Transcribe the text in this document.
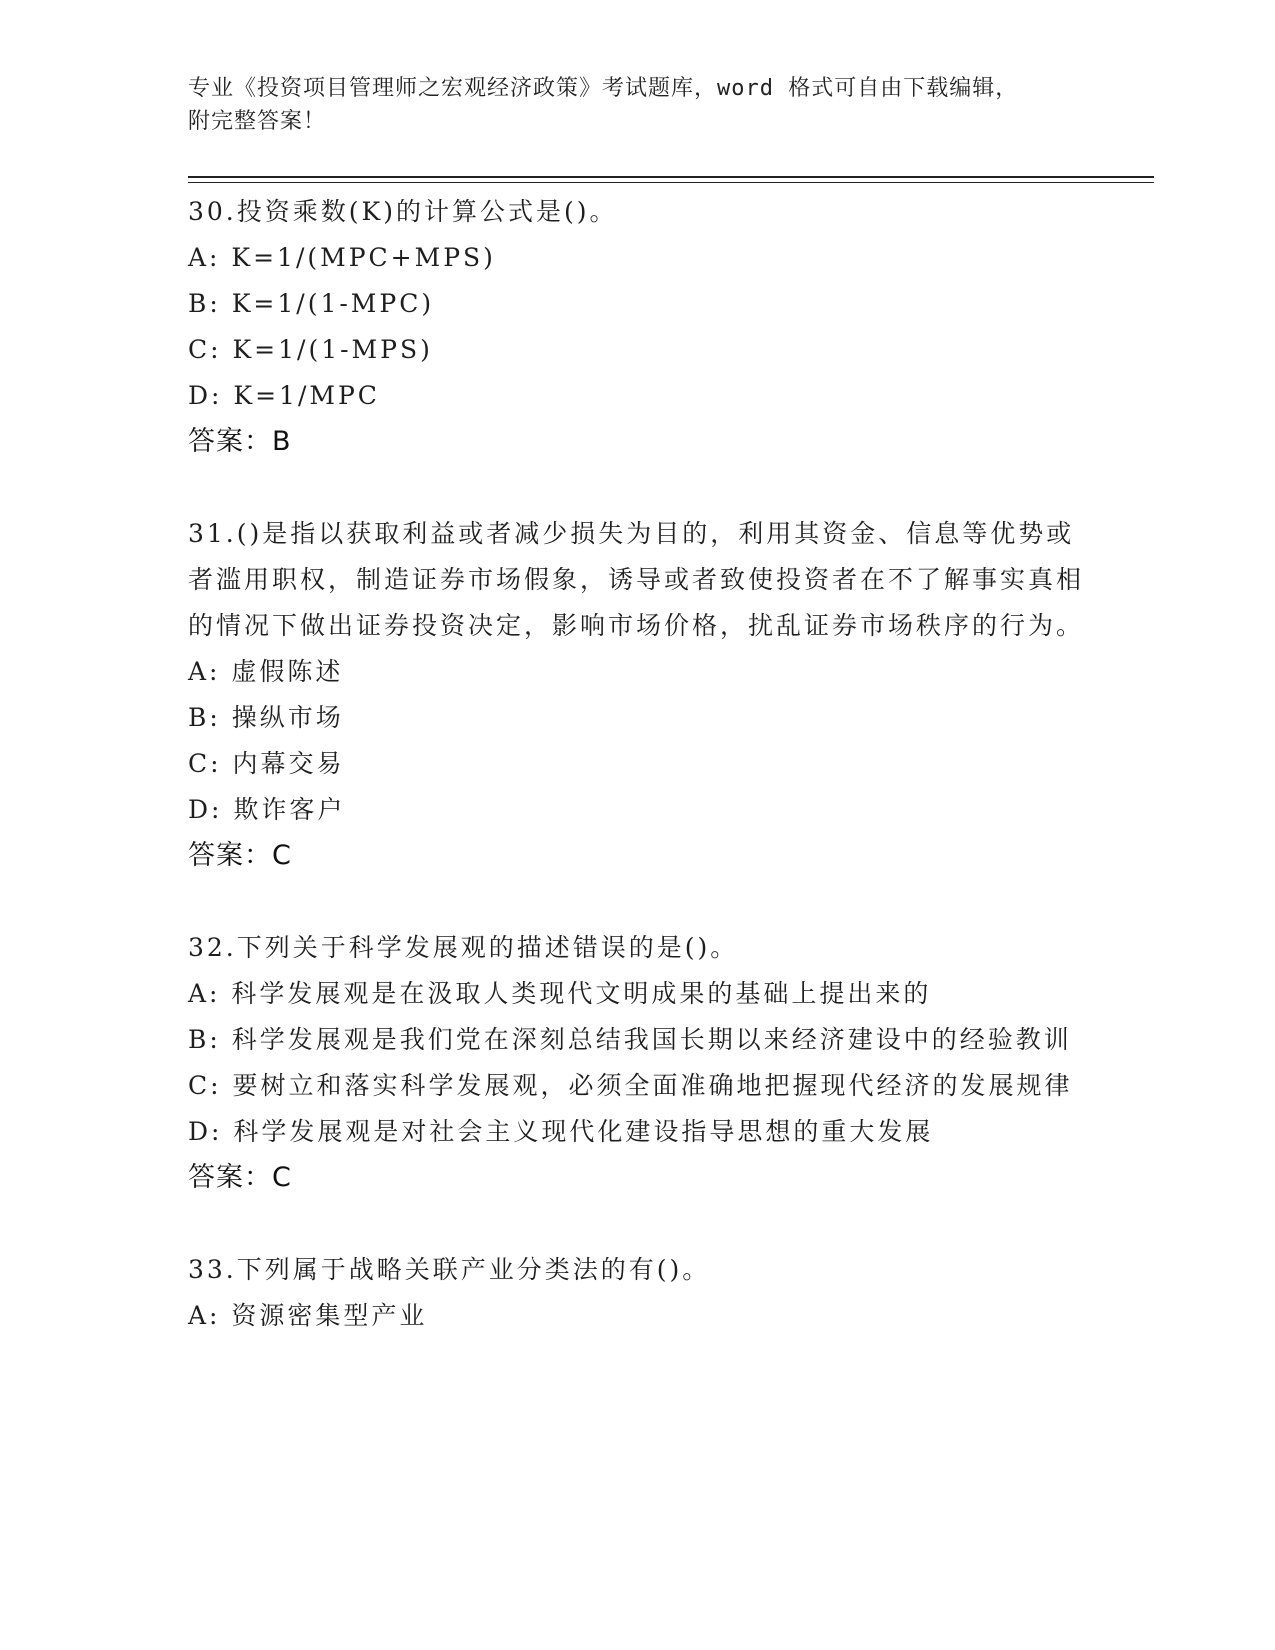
专业《投资项目管理师之宏观经济政策》考试题库，word 格式可自由下载编辑，
附完整答案！

30.投资乘数(K)的计算公式是()。

A: K=1/(MPC+MPS)

B: K=1/(1-MPC)

C: K=1/(1-MPS)

D: K=1/MPC

答案：B

31.()是指以获取利益或者减少损失为目的，利用其资金、信息等优势或者滥用职权，制造证券市场假象，诱导或者致使投资者在不了解事实真相的情况下做出证券投资决定，影响市场价格，扰乱证券市场秩序的行为。

A: 虚假陈述

B: 操纵市场

C: 内幕交易

D: 欺诈客户

答案：C

32.下列关于科学发展观的描述错误的是()。

A: 科学发展观是在汲取人类现代文明成果的基础上提出来的

B: 科学发展观是我们党在深刻总结我国长期以来经济建设中的经验教训

C: 要树立和落实科学发展观，必须全面准确地把握现代经济的发展规律

D: 科学发展观是对社会主义现代化建设指导思想的重大发展

答案：C

33.下列属于战略关联产业分类法的有()。

A: 资源密集型产业
